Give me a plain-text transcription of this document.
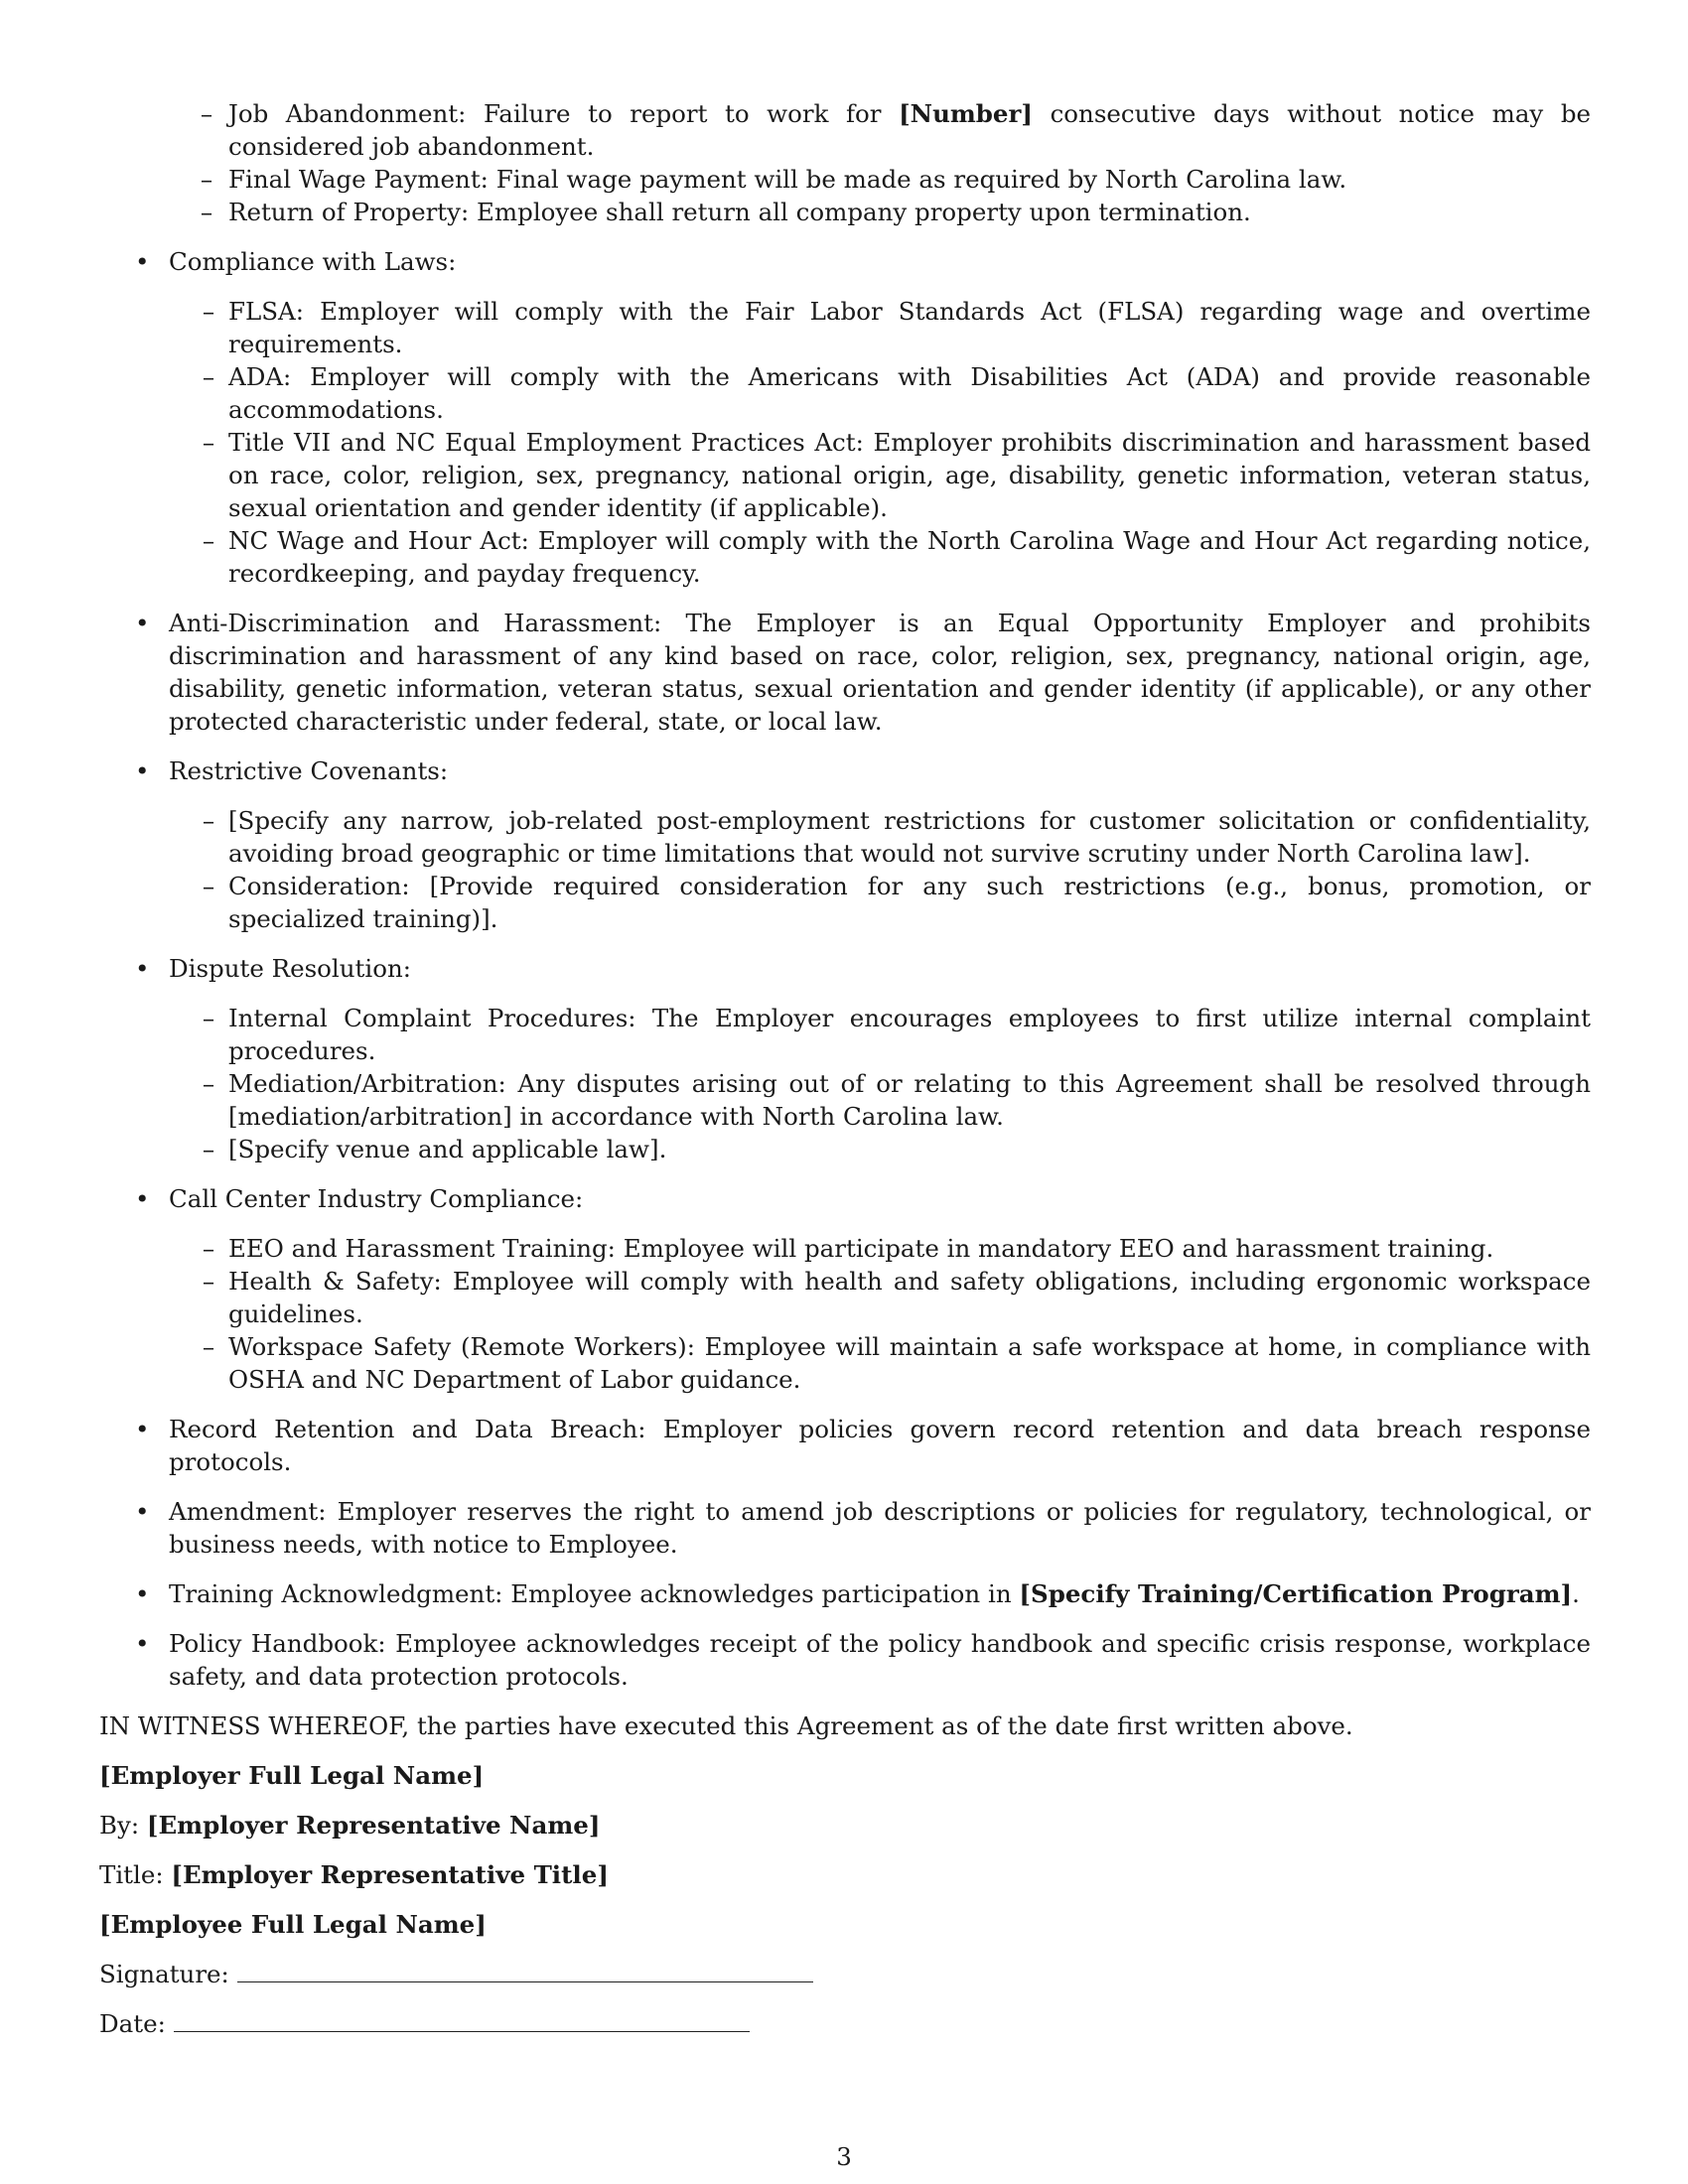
– Job Abandonment: Failure to report to work for [Number] consecutive days without notice may be considered job abandonment.
– Final Wage Payment: Final wage payment will be made as required by North Carolina law.
– Return of Property: Employee shall return all company property upon termination.
• Compliance with Laws:
– FLSA: Employer will comply with the Fair Labor Standards Act (FLSA) regarding wage and overtime requirements.
– ADA: Employer will comply with the Americans with Disabilities Act (ADA) and provide reasonable accommodations.
– Title VII and NC Equal Employment Practices Act: Employer prohibits discrimination and harassment based on race, color, religion, sex, pregnancy, national origin, age, disability, genetic information, veteran status, sexual orientation and gender identity (if applicable).
– NC Wage and Hour Act: Employer will comply with the North Carolina Wage and Hour Act regarding notice, recordkeeping, and payday frequency.
• Anti-Discrimination and Harassment: The Employer is an Equal Opportunity Employer and prohibits discrimination and harassment of any kind based on race, color, religion, sex, pregnancy, national origin, age, disability, genetic information, veteran status, sexual orientation and gender identity (if applicable), or any other protected characteristic under federal, state, or local law.
• Restrictive Covenants:
– [Specify any narrow, job-related post-employment restrictions for customer solicitation or confidentiality, avoiding broad geographic or time limitations that would not survive scrutiny under North Carolina law].
– Consideration: [Provide required consideration for any such restrictions (e.g., bonus, promotion, or specialized training)].
• Dispute Resolution:
– Internal Complaint Procedures: The Employer encourages employees to first utilize internal complaint procedures.
– Mediation/Arbitration: Any disputes arising out of or relating to this Agreement shall be resolved through [mediation/arbitration] in accordance with North Carolina law.
– [Specify venue and applicable law].
• Call Center Industry Compliance:
– EEO and Harassment Training: Employee will participate in mandatory EEO and harassment training.
– Health & Safety: Employee will comply with health and safety obligations, including ergonomic workspace guidelines.
– Workspace Safety (Remote Workers): Employee will maintain a safe workspace at home, in compliance with OSHA and NC Department of Labor guidance.
• Record Retention and Data Breach: Employer policies govern record retention and data breach response protocols.
• Amendment: Employer reserves the right to amend job descriptions or policies for regulatory, technological, or business needs, with notice to Employee.
• Training Acknowledgment: Employee acknowledges participation in [Specify Training/Certification Program].
• Policy Handbook: Employee acknowledges receipt of the policy handbook and specific crisis response, workplace safety, and data protection protocols.

IN WITNESS WHEREOF, the parties have executed this Agreement as of the date first written above.

[Employer Full Legal Name]

By: [Employer Representative Name]

Title: [Employer Representative Title]

[Employee Full Legal Name]

Signature:

Date:

3
